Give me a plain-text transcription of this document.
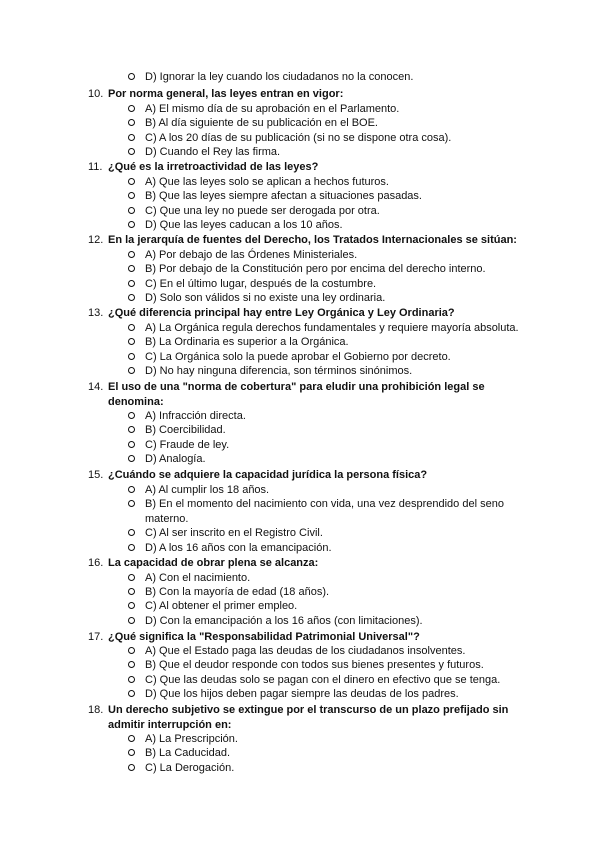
D) Ignorar la ley cuando los ciudadanos no la conocen.
10. Por norma general, las leyes entran en vigor:
A) El mismo día de su aprobación en el Parlamento.
B) Al día siguiente de su publicación en el BOE.
C) A los 20 días de su publicación (si no se dispone otra cosa).
D) Cuando el Rey las firma.
11. ¿Qué es la irretroactividad de las leyes?
A) Que las leyes solo se aplican a hechos futuros.
B) Que las leyes siempre afectan a situaciones pasadas.
C) Que una ley no puede ser derogada por otra.
D) Que las leyes caducan a los 10 años.
12. En la jerarquía de fuentes del Derecho, los Tratados Internacionales se sitúan:
A) Por debajo de las Órdenes Ministeriales.
B) Por debajo de la Constitución pero por encima del derecho interno.
C) En el último lugar, después de la costumbre.
D) Solo son válidos si no existe una ley ordinaria.
13. ¿Qué diferencia principal hay entre Ley Orgánica y Ley Ordinaria?
A) La Orgánica regula derechos fundamentales y requiere mayoría absoluta.
B) La Ordinaria es superior a la Orgánica.
C) La Orgánica solo la puede aprobar el Gobierno por decreto.
D) No hay ninguna diferencia, son términos sinónimos.
14. El uso de una "norma de cobertura" para eludir una prohibición legal se denomina:
A) Infracción directa.
B) Coercibilidad.
C) Fraude de ley.
D) Analogía.
15. ¿Cuándo se adquiere la capacidad jurídica la persona física?
A) Al cumplir los 18 años.
B) En el momento del nacimiento con vida, una vez desprendido del seno materno.
C) Al ser inscrito en el Registro Civil.
D) A los 16 años con la emancipación.
16. La capacidad de obrar plena se alcanza:
A) Con el nacimiento.
B) Con la mayoría de edad (18 años).
C) Al obtener el primer empleo.
D) Con la emancipación a los 16 años (con limitaciones).
17. ¿Qué significa la "Responsabilidad Patrimonial Universal"?
A) Que el Estado paga las deudas de los ciudadanos insolventes.
B) Que el deudor responde con todos sus bienes presentes y futuros.
C) Que las deudas solo se pagan con el dinero en efectivo que se tenga.
D) Que los hijos deben pagar siempre las deudas de los padres.
18. Un derecho subjetivo se extingue por el transcurso de un plazo prefijado sin admitir interrupción en:
A) La Prescripción.
B) La Caducidad.
C) La Derogación.
